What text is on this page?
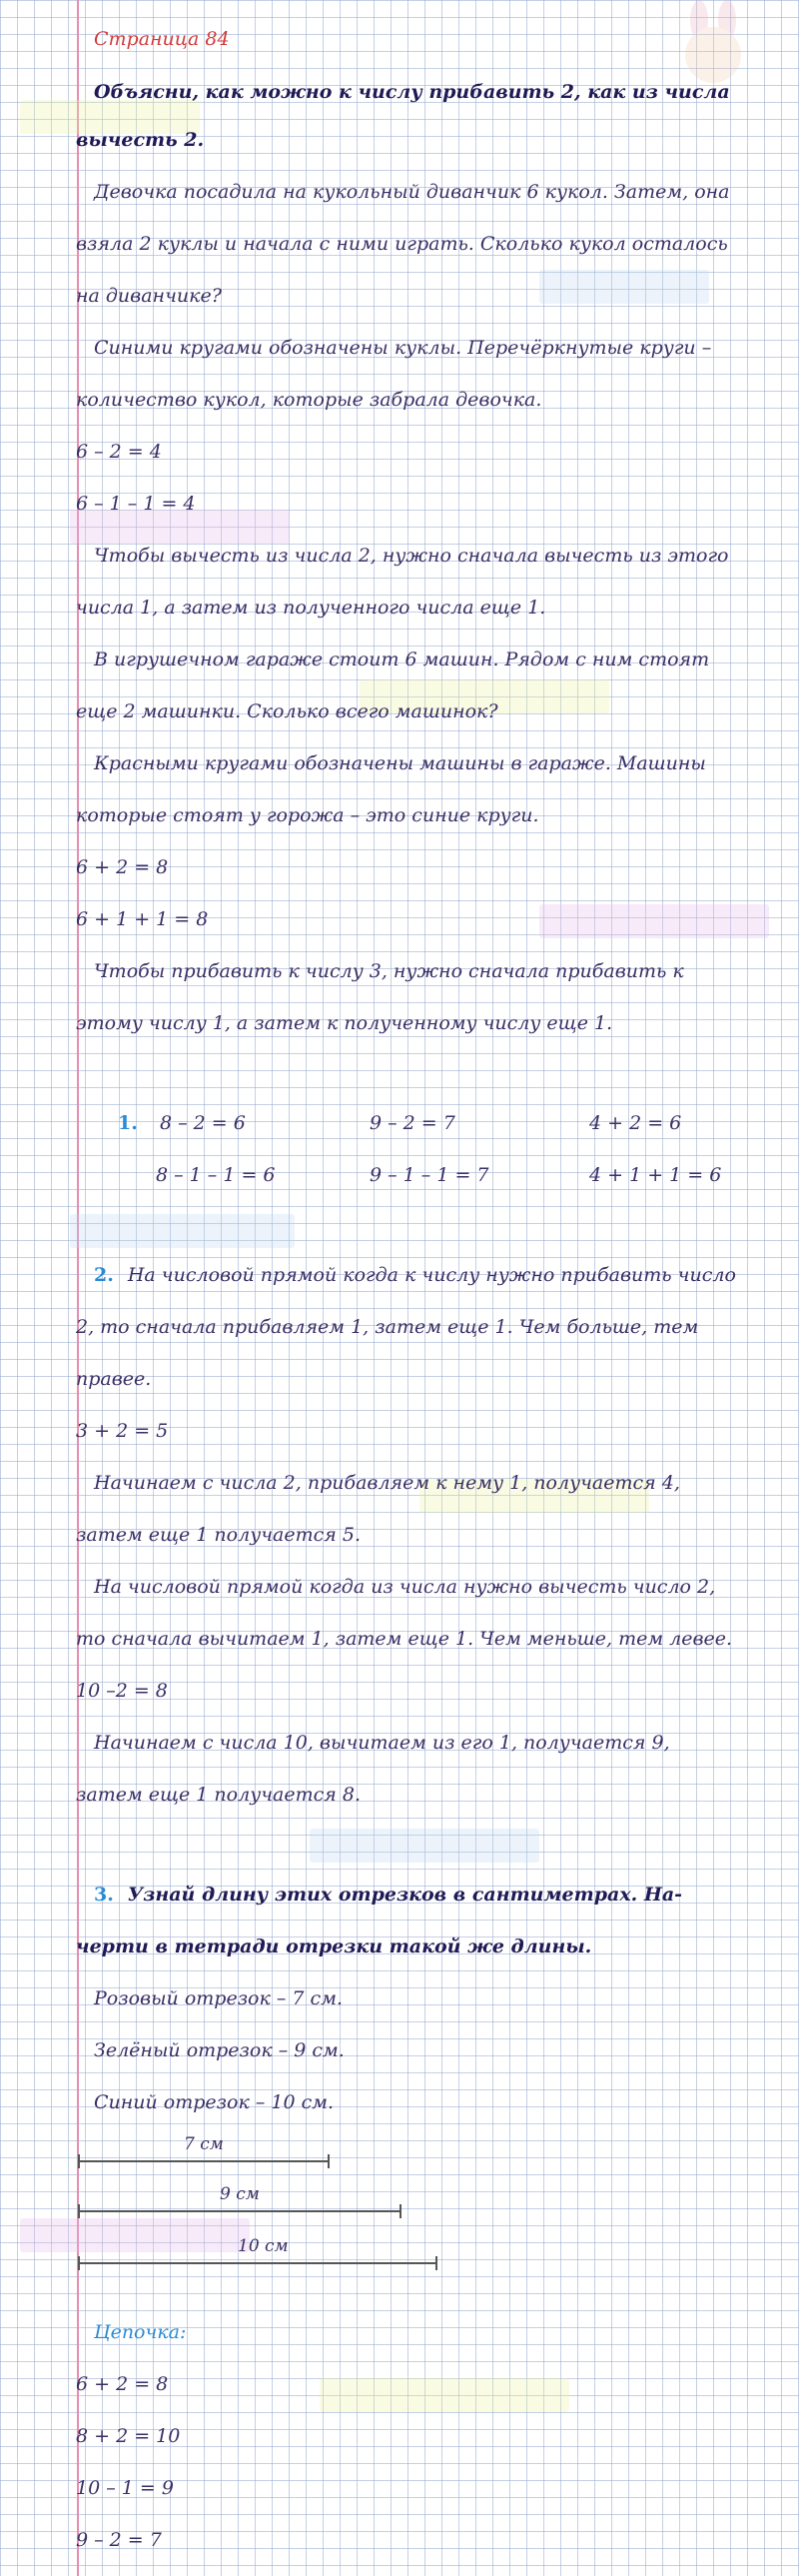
Страница 84
Объясни, как можно к числу прибавить 2, как из числа
вычесть 2.
Девочка посадила на кукольный диванчик 6 кукол. Затем, она
взяла 2 куклы и начала с ними играть. Сколько кукол осталось
на диванчике?
Синими кругами обозначены куклы. Перечёркнутые круги –
количество кукол, которые забрала девочка.
6 – 2 = 4
6 – 1 – 1 = 4
Чтобы вычесть из числа 2, нужно сначала вычесть из этого
числа 1, а затем из полученного числа еще 1.
В игрушечном гараже стоит 6 машин. Рядом с ним стоят
еще 2 машинки. Сколько всего машинок?
Красными кругами обозначены машины в гараже. Машины
которые стоят у горожа – это синие круги.
6 + 2 = 8
6 + 1 + 1 = 8
Чтобы прибавить к числу 3, нужно сначала прибавить к
этому числу 1, а затем к полученному числу еще 1.
1.	8 – 2 = 6	9 – 2 = 7	4 + 2 = 6
8 – 1 – 1 = 6	9 – 1 – 1 = 7	4 + 1 + 1 = 6
2. На числовой прямой когда к числу нужно прибавить число
2, то сначала прибавляем 1, затем еще 1. Чем больше, тем
правее.
3 + 2 = 5
Начинаем с числа 2, прибавляем к нему 1, получается 4,
затем еще 1 получается 5.
На числовой прямой когда из числа нужно вычесть число 2,
то сначала вычитаем 1, затем еще 1. Чем меньше, тем левее.
10 –2 = 8
Начинаем с числа 10, вычитаем из его 1, получается 9,
затем еще 1 получается 8.
3. Узнай длину этих отрезков в сантиметрах. На-
черти в тетради отрезки такой же длины.
Розовый отрезок – 7 см.
Зелёный отрезок – 9 см.
Синий отрезок – 10 см.
7 см
9 см
10 см
Цепочка:
6 + 2 = 8
8 + 2 = 10
10 – 1 = 9
9 – 2 = 7
